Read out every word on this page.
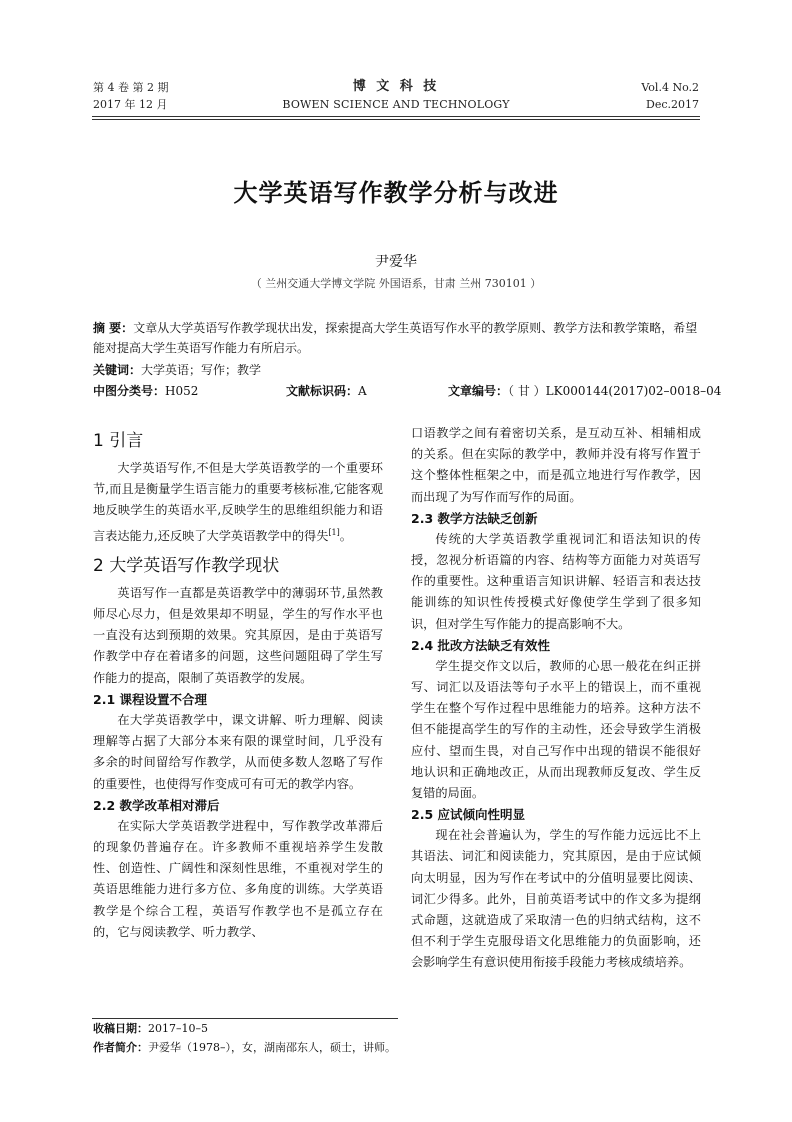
第 4 卷 第 2 期
2017 年 12 月
博 文 科 技
BOWEN SCIENCE AND TECHNOLOGY
Vol.4 No.2
Dec.2017
大学英语写作教学分析与改进
尹爱华
（ 兰州交通大学博文学院 外国语系，甘肃 兰州 730101 ）
摘 要：文章从大学英语写作教学现状出发，探索提高大学生英语写作水平的教学原则、教学方法和教学策略，希望能对提高大学生英语写作能力有所启示。
关键词：大学英语；写作；教学
中图分类号：H052	文献标识码：A	文章编号：（ 甘 ）LK000144(2017)02–0018–04
1 引言

大学英语写作,不但是大学英语教学的一个重要环节,而且是衡量学生语言能力的重要考核标准,它能客观地反映学生的英语水平,反映学生的思维组织能力和语言表达能力,还反映了大学英语教学中的得失[1]。

2 大学英语写作教学现状

英语写作一直都是英语教学中的薄弱环节,虽然教师尽心尽力，但是效果却不明显，学生的写作水平也一直没有达到预期的效果。究其原因，是由于英语写作教学中存在着诸多的问题，这些问题阻碍了学生写作能力的提高，限制了英语教学的发展。

2.1 课程设置不合理

在大学英语教学中，课文讲解、听力理解、阅读理解等占据了大部分本来有限的课堂时间，几乎没有多余的时间留给写作教学，从而使多数人忽略了写作的重要性，也使得写作变成可有可无的教学内容。

2.2 教学改革相对滞后

在实际大学英语教学进程中，写作教学改革滞后的现象仍普遍存在。许多教师不重视培养学生发散性、创造性、广阔性和深刻性思维，不重视对学生的英语思维能力进行多方位、多角度的训练。大学英语教学是个综合工程，英语写作教学也不是孤立存在的，它与阅读教学、听力教学、

口语教学之间有着密切关系，是互动互补、相辅相成的关系。但在实际的教学中，教师并没有将写作置于这个整体性框架之中，而是孤立地进行写作教学，因而出现了为写作而写作的局面。

2.3 教学方法缺乏创新

传统的大学英语教学重视词汇和语法知识的传授，忽视分析语篇的内容、结构等方面能力对英语写作的重要性。这种重语言知识讲解、轻语言和表达技能训练的知识性传授模式好像使学生学到了很多知识，但对学生写作能力的提高影响不大。

2.4 批改方法缺乏有效性

学生提交作文以后，教师的心思一般花在纠正拼写、词汇以及语法等句子水平上的错误上，而不重视学生在整个写作过程中思维能力的培养。这种方法不但不能提高学生的写作的主动性，还会导致学生消极应付、望而生畏，对自己写作中出现的错误不能很好地认识和正确地改正，从而出现教师反复改、学生反复错的局面。

2.5 应试倾向性明显

现在社会普遍认为，学生的写作能力远远比不上其语法、词汇和阅读能力，究其原因，是由于应试倾向太明显，因为写作在考试中的分值明显要比阅读、词汇少得多。此外，目前英语考试中的作文多为提纲式命题，这就造成了采取清一色的归纳式结构，这不但不利于学生克服母语文化思维能力的负面影响，还会影响学生有意识使用衔接手段能力考核成绩培养。

收稿日期：2017–10–5
作者简介：尹爱华（1978–），女，湖南邵东人，硕士，讲师。
